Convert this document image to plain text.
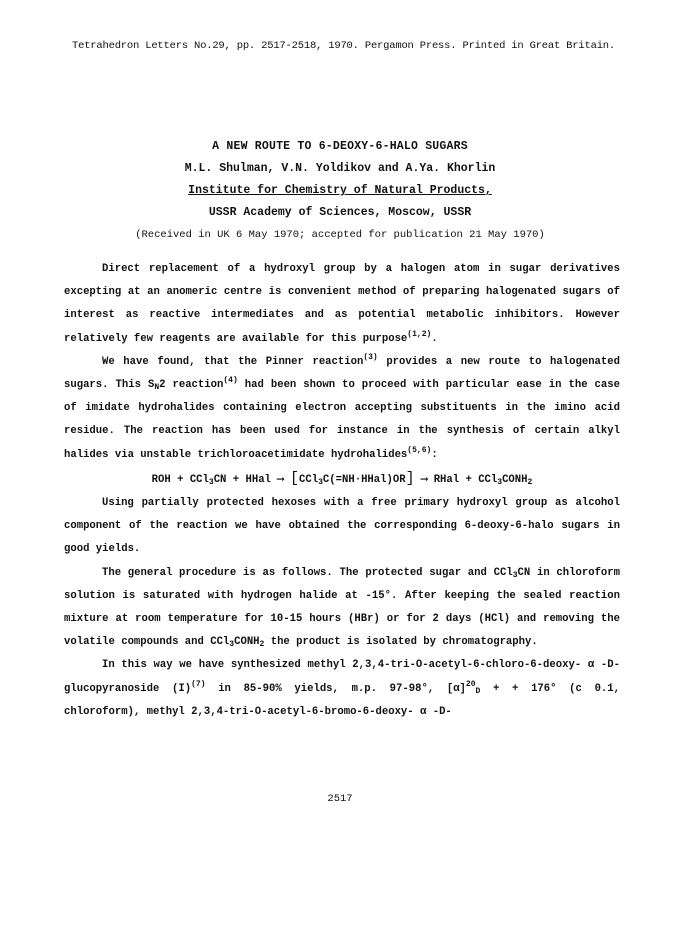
Tetrahedron Letters No.29, pp. 2517-2518, 1970. Pergamon Press. Printed in Great Britain.
A NEW ROUTE TO 6-DEOXY-6-HALO SUGARS
M.L. Shulman, V.N. Yoldikov and A.Ya. Khorlin
Institute for Chemistry of Natural Products,
USSR Academy of Sciences, Moscow, USSR
(Received in UK 6 May 1970; accepted for publication 21 May 1970)

Direct replacement of a hydroxyl group by a halogen atom in sugar derivatives excepting at an anomeric centre is convenient method of preparing halogenated sugars of interest as reactive intermediates and as potential metabolic inhibitors. However relatively few reagents are available for this purpose$^{(1,2)}$.

We have found, that the Pinner reaction$^{(3)}$ provides a new route to halogenated sugars. This $S_N2$ reaction$^{(4)}$ had been shown to proceed with particular ease in the case of imidate hydrohalides containing electron accepting substituents in the imino acid residue. The reaction has been used for instance in the synthesis of certain alkyl halides via unstable trichloroacetimidate hydrohalides$^{(5,6)}$:

ROH + CCl$_3$CN + HHal ⟶ [CCl$_3$C(=NH·HHal)OR] ⟶ RHal + $CCl_3CONH_2$

Using partially protected hexoses with a free primary hydroxyl group as alcohol component of the reaction we have obtained the corresponding 6-deoxy-6-halo sugars in good yields.

The general procedure is as follows. The protected sugar and CCl$_3$CN in chloroform solution is saturated with hydrogen halide at -15°. After keeping the sealed reaction mixture at room temperature for 10-15 hours (HBr) or for 2 days (HCl) and removing the volatile compounds and $CCl_3CONH_2$ the product is isolated by chromatography.

In this way we have synthesized methyl 2,3,4-tri-O-acetyl-6-chloro-6-deoxy- α -D-glucopyranoside $(I)^{(7)}$ in 85-90% yields, m.p. 97-98°, $[\alpha]^{20}_D$ + + 176° (c 0.1, chloroform), methyl 2,3,4-tri-O-acetyl-6-bromo-6-deoxy- α -D-

2517
